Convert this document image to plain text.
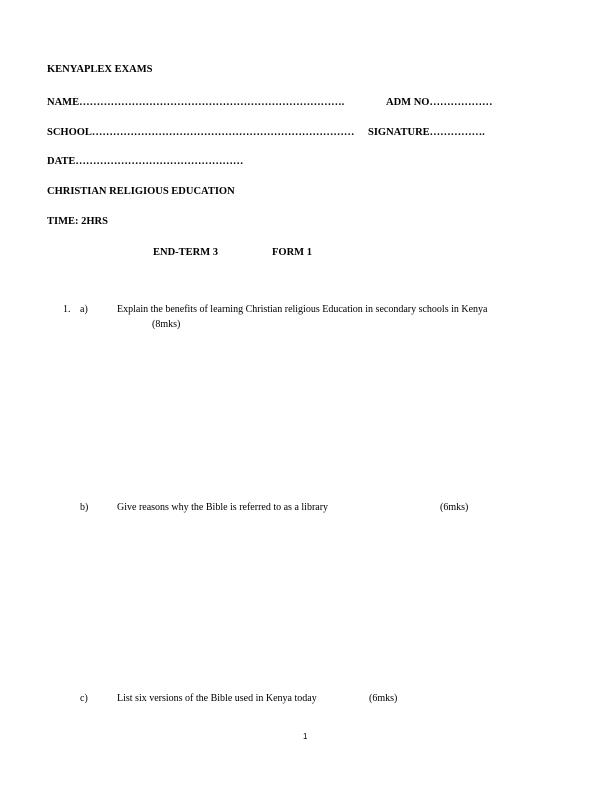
KENYAPLEX EXAMS
NAME………………………………………………………………….	ADM NO………………
SCHOOL………………………………………………………………… SIGNATURE…………….
DATE…………………………………………
CHRISTIAN RELIGIOUS EDUCATION
TIME: 2HRS
END-TERM 3	FORM 1
1. a)	Explain the benefits of learning Christian religious Education in secondary schools in Kenya
(8mks)
b)	Give reasons why the Bible is referred to as a library	(6mks)
c)	List six versions of the Bible used in Kenya today	(6mks)
1
